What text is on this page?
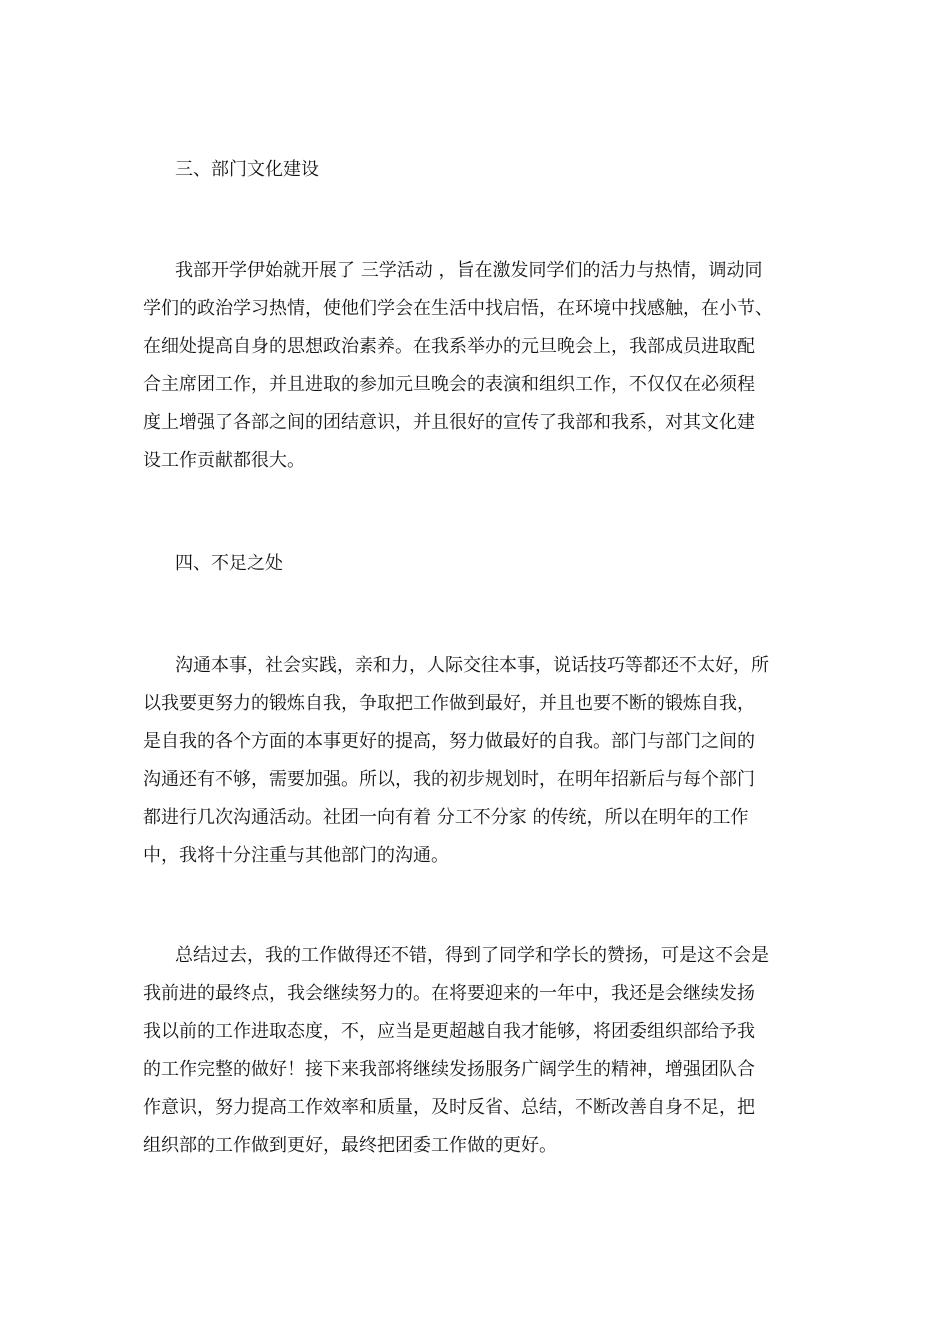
三、部门文化建设
我部开学伊始就开展了 三学活动 ，旨在激发同学们的活力与热情，调动同
学们的政治学习热情，使他们学会在生活中找启悟，在环境中找感触，在小节、
在细处提高自身的思想政治素养。在我系举办的元旦晚会上，我部成员进取配
合主席团工作，并且进取的参加元旦晚会的表演和组织工作，不仅仅在必须程
度上增强了各部之间的团结意识，并且很好的宣传了我部和我系，对其文化建
设工作贡献都很大。
四、不足之处
沟通本事，社会实践，亲和力，人际交往本事，说话技巧等都还不太好，所
以我要更努力的锻炼自我，争取把工作做到最好，并且也要不断的锻炼自我，
是自我的各个方面的本事更好的提高，努力做最好的自我。部门与部门之间的
沟通还有不够，需要加强。所以，我的初步规划时，在明年招新后与每个部门
都进行几次沟通活动。社团一向有着 分工不分家 的传统，所以在明年的工作
中，我将十分注重与其他部门的沟通。
总结过去，我的工作做得还不错，得到了同学和学长的赞扬，可是这不会是
我前进的最终点，我会继续努力的。在将要迎来的一年中，我还是会继续发扬
我以前的工作进取态度，不，应当是更超越自我才能够，将团委组织部给予我
的工作完整的做好！接下来我部将继续发扬服务广阔学生的精神，增强团队合
作意识，努力提高工作效率和质量，及时反省、总结，不断改善自身不足，把
组织部的工作做到更好，最终把团委工作做的更好。
